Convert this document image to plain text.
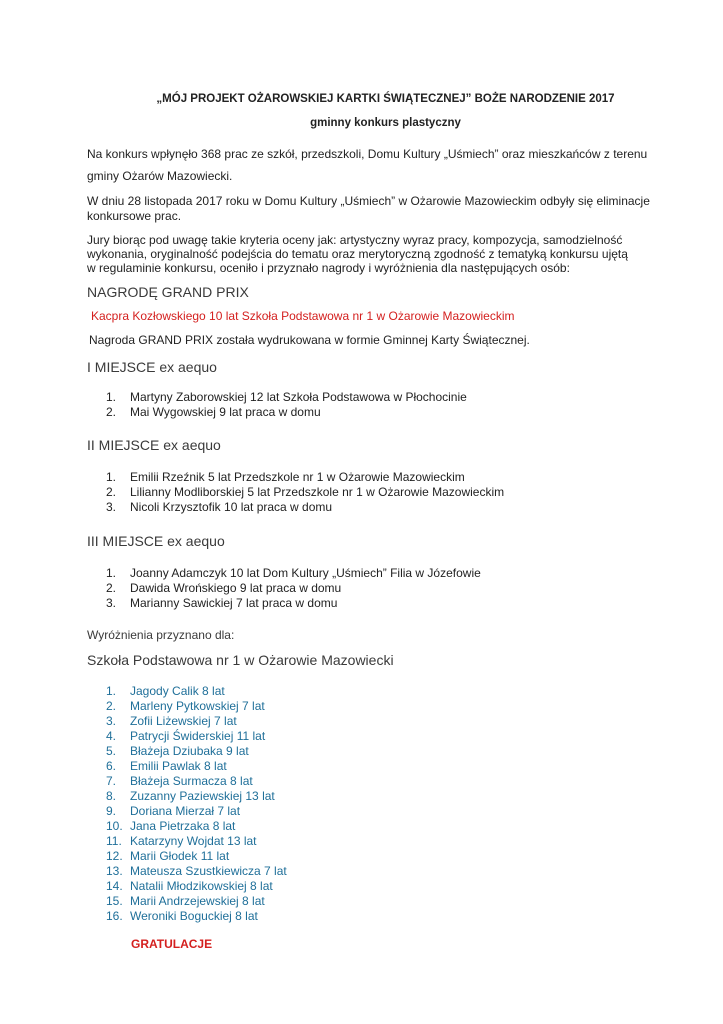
„MÓJ PROJEKT OŻAROWSKIEJ KARTKI ŚWIĄTECZNEJ” BOŻE NARODZENIE 2017
gminny konkurs plastyczny
Na konkurs wpłynęło 368 prac ze szkół, przedszkoli, Domu Kultury „Uśmiech” oraz mieszkańców z terenu
gminy Ożarów Mazowiecki.
W dniu 28 listopada 2017 roku w Domu Kultury „Uśmiech” w Ożarowie Mazowieckim odbyły się eliminacje
konkursowe prac.
Jury biorąc pod uwagę takie kryteria oceny jak: artystyczny wyraz pracy, kompozycja, samodzielność
wykonania, oryginalność podejścia do tematu oraz merytoryczną zgodność z tematyką konkursu ujętą
w regulaminie konkursu, oceniło i przyznało nagrody i wyróżnienia dla następujących osób:
NAGRODĘ GRAND PRIX
Kacpra Kozłowskiego 10 lat Szkoła Podstawowa nr 1 w Ożarowie Mazowieckim
Nagroda GRAND PRIX została wydrukowana w formie Gminnej Karty Świątecznej.
I MIEJSCE ex aequo
1. Martyny Zaborowskiej 12 lat Szkoła Podstawowa w Płochocinie
2. Mai Wygowskiej 9 lat praca w domu
II MIEJSCE ex aequo
1. Emilii Rzeźnik 5 lat Przedszkole nr 1 w Ożarowie Mazowieckim
2. Lilianny Modliborskiej 5 lat Przedszkole nr 1 w Ożarowie Mazowieckim
3. Nicoli Krzysztofik 10 lat praca w domu
III MIEJSCE ex aequo
1. Joanny Adamczyk 10 lat Dom Kultury „Uśmiech” Filia w Józefowie
2. Dawida Wrońskiego 9 lat praca w domu
3. Marianny Sawickiej 7 lat praca w domu
Wyróżnienia przyznano dla:
Szkoła Podstawowa nr 1 w Ożarowie Mazowiecki
1. Jagody Calik 8 lat
2. Marleny Pytkowskiej 7 lat
3. Zofii Liżewskiej 7 lat
4. Patrycji Świderskiej 11 lat
5. Błażeja Dziubaka 9 lat
6. Emilii Pawlak 8 lat
7. Błażeja Surmacza 8 lat
8. Zuzanny Paziewskiej 13 lat
9. Doriana Mierzał 7 lat
10. Jana Pietrzaka 8 lat
11. Katarzyny Wojdat 13 lat
12. Marii Głodek 11 lat
13. Mateusza Szustkiewicza 7 lat
14. Natalii Młodzikowskiej 8 lat
15. Marii Andrzejewskiej 8 lat
16. Weroniki Boguckiej 8 lat
GRATULACJE
